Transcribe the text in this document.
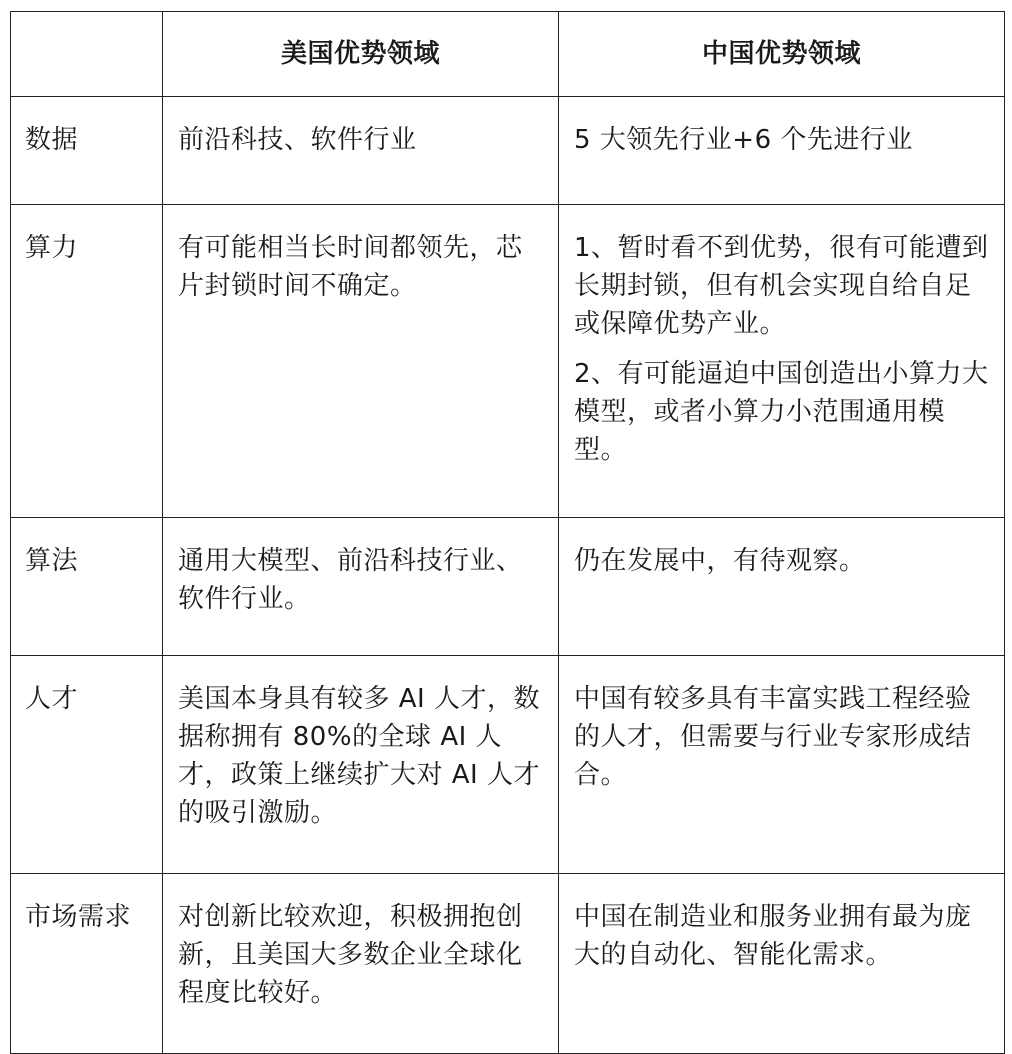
	美国优势领域	中国优势领域
数据	前沿科技、软件行业	5 大领先行业+6 个先进行业

算力	有可能相当长时间都领先，芯片封锁时间不确定。	1、暂时看不到优势，很有可能遭到长期封锁，但有机会实现自给自足或保障优势产业。
2、有可能逼迫中国创造出小算力大模型，或者小算力小范围通用模型。

算法	通用大模型、前沿科技行业、软件行业。	仍在发展中，有待观察。

人才	美国本身具有较多 AI 人才，数据称拥有 80%的全球 AI 人才，政策上继续扩大对 AI 人才的吸引激励。	中国有较多具有丰富实践工程经验的人才，但需要与行业专家形成结合。

市场需求	对创新比较欢迎，积极拥抱创新，且美国大多数企业全球化程度比较好。	中国在制造业和服务业拥有最为庞大的自动化、智能化需求。
